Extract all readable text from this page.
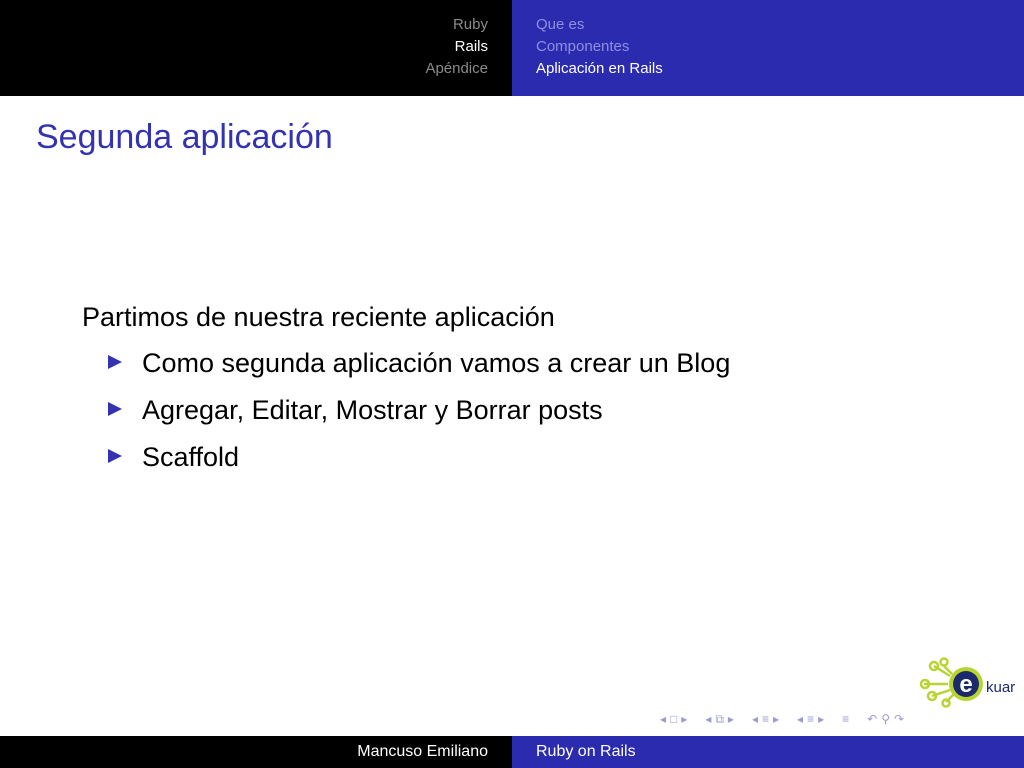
Ruby
Rails
Apéndice
Que es
Componentes
Aplicación en Rails
Segunda aplicación
Partimos de nuestra reciente aplicación
Como segunda aplicación vamos a crear un Blog
Agregar, Editar, Mostrar y Borrar posts
Scaffold
e kuar
◂ □ ▸ ◂ ⧉ ▸ ◂ ≡ ▸ ◂ ≡ ▸ ≡ ↶ ⚲ ↷
Mancuso Emiliano	Ruby on Rails
